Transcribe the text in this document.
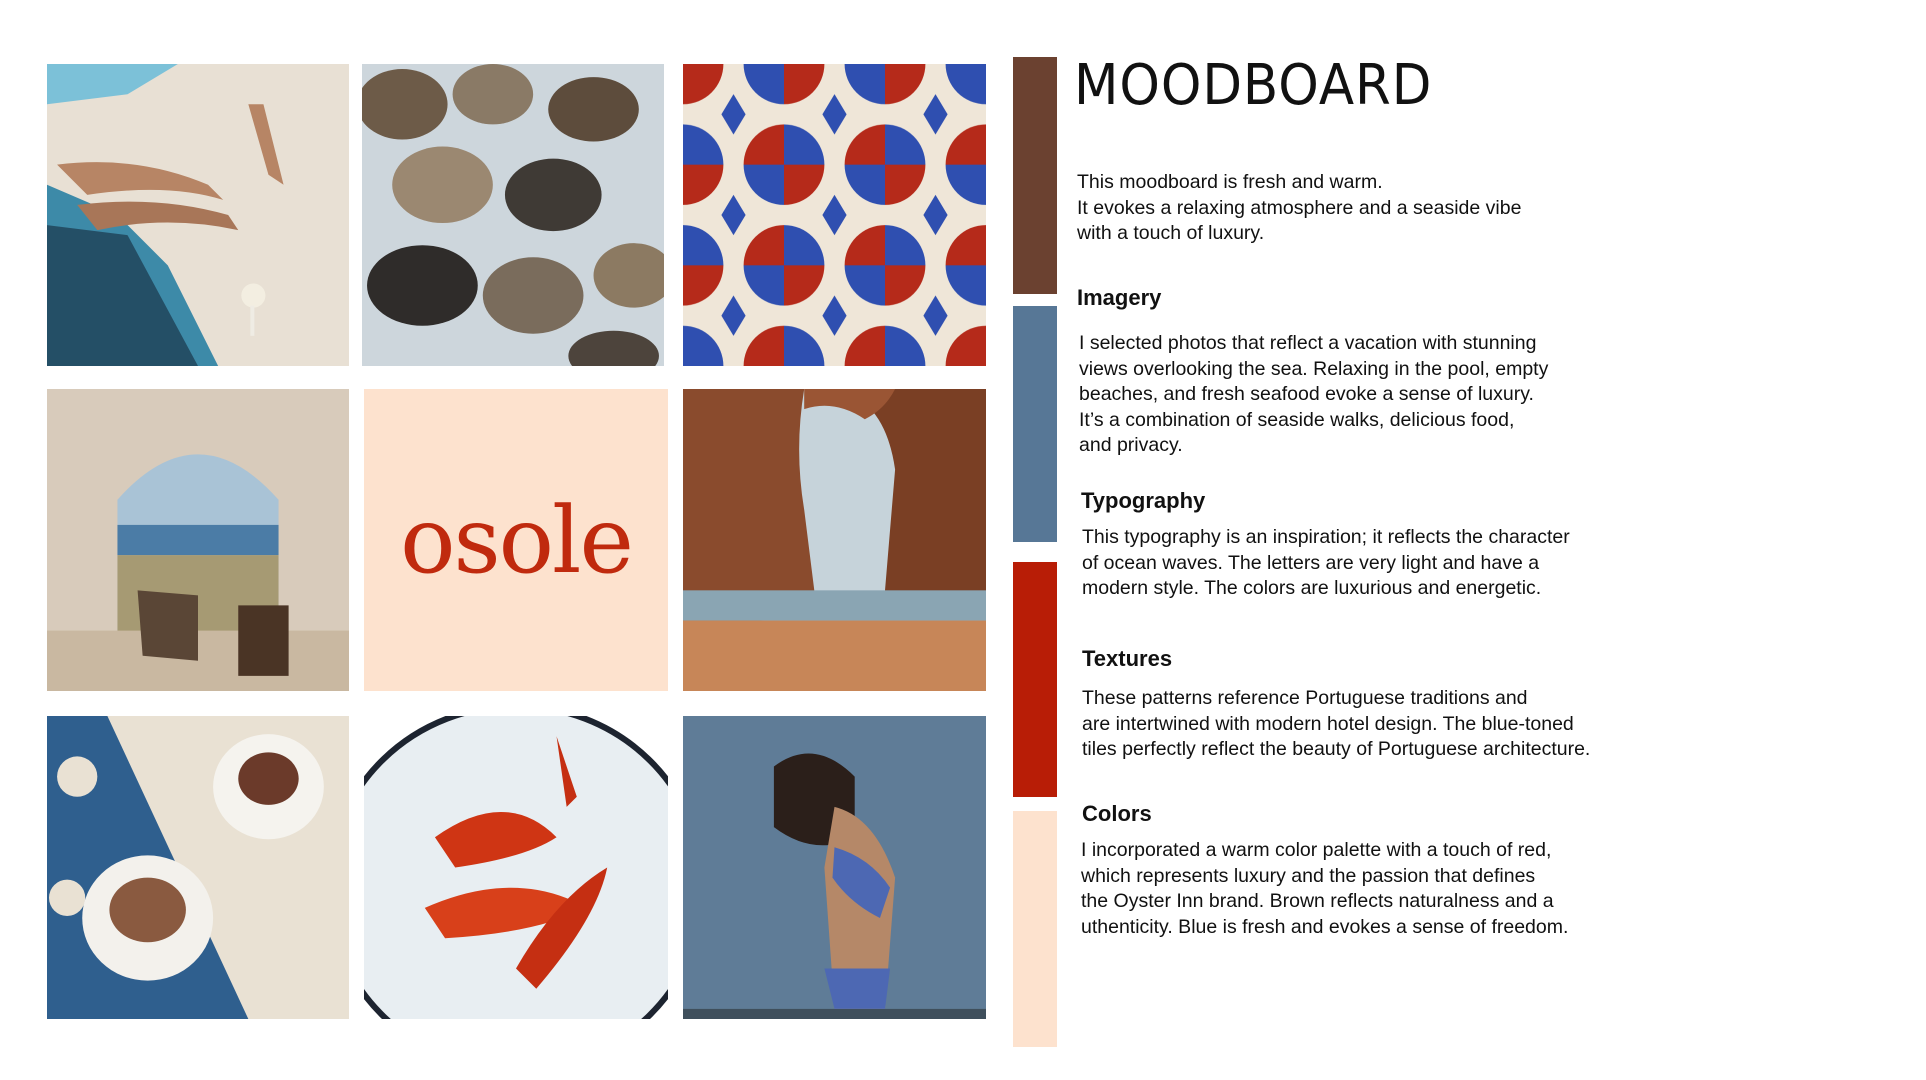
osole
MOODBOARD
This moodboard is fresh and warm.
It evokes a relaxing atmosphere and a seaside vibe
with a touch of luxury.
Imagery
I selected photos that reflect a vacation with stunning
views overlooking the sea. Relaxing in the pool, empty
beaches, and fresh seafood evoke a sense of luxury.
It’s a combination of seaside walks, delicious food,
and privacy.
Typography
This typography is an inspiration; it reflects the character
of ocean waves. The letters are very light and have a
modern style. The colors are luxurious and energetic.
Textures
These patterns reference Portuguese traditions and
are intertwined with modern hotel design. The blue-toned
tiles perfectly reflect the beauty of Portuguese architecture.
Colors
I incorporated a warm color palette with a touch of red,
which represents luxury and the passion that defines
the Oyster Inn brand. Brown reflects naturalness and a
uthenticity. Blue is fresh and evokes a sense of freedom.
